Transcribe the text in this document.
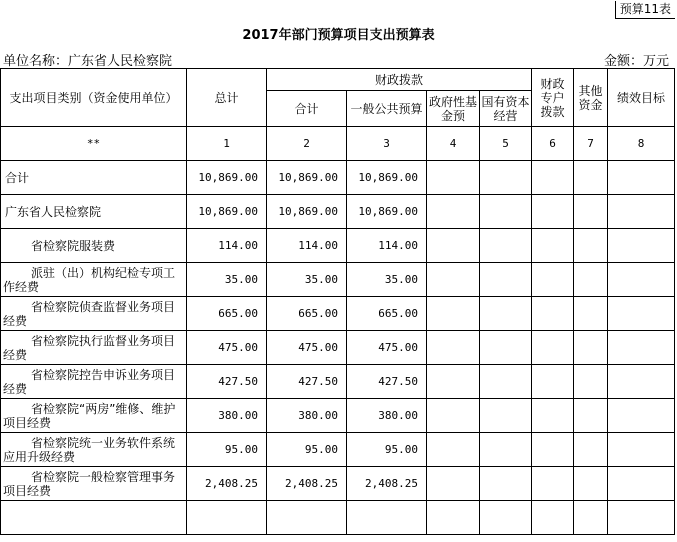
预算11表
2017年部门预算项目支出预算表
单位名称：广东省人民检察院	金额：万元
支出项目类别（资金使用单位）	总计	财政拨款				财政专户拨款	其他资金	绩效目标
		合计	一般公共预算	政府性基金预	国有资本经营			

**	1	2	3	4	5	6	7	8
合计	10,869.00	10,869.00	10,869.00					
广东省人民检察院	10,869.00	10,869.00	10,869.00					
省检察院服装费	114.00	114.00	114.00					
派驻（出）机构纪检专项工作经费	35.00	35.00	35.00					
省检察院侦查监督业务项目经费	665.00	665.00	665.00					
省检察院执行监督业务项目经费	475.00	475.00	475.00					
省检察院控告申诉业务项目经费	427.50	427.50	427.50					
省检察院“两房”维修、维护项目经费	380.00	380.00	380.00					
省检察院统一业务软件系统应用升级经费	95.00	95.00	95.00					
省检察院一般检察管理事务项目经费	2,408.25	2,408.25	2,408.25					
